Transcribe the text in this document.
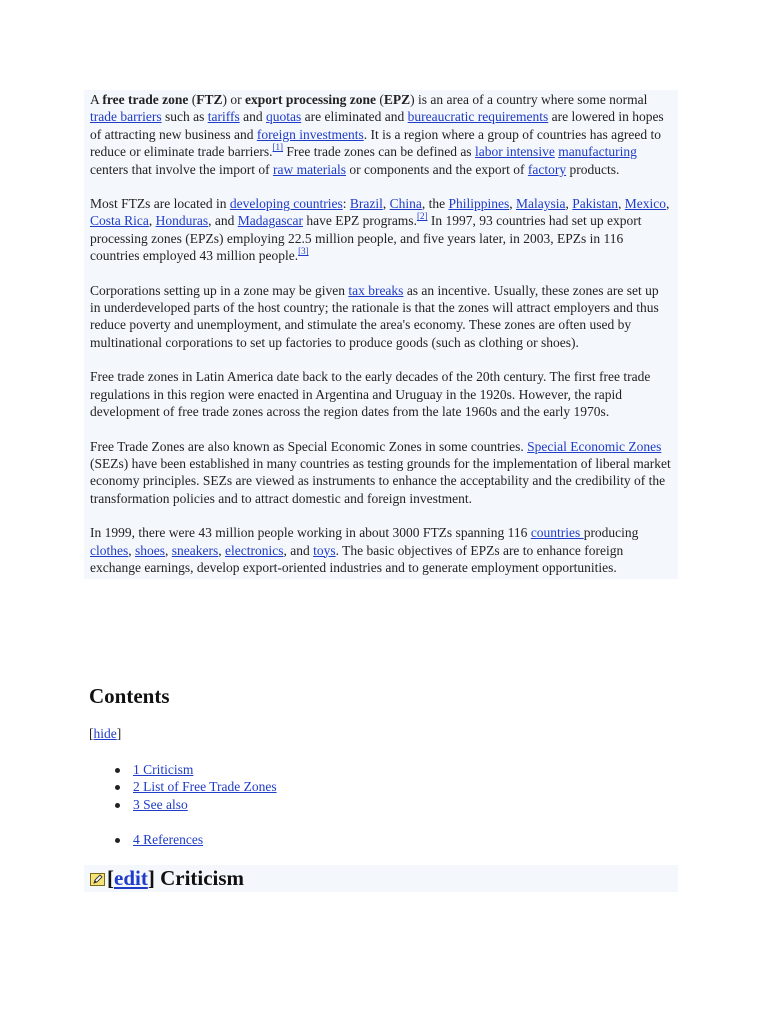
A free trade zone (FTZ) or export processing zone (EPZ) is an area of a country where some normal trade barriers such as tariffs and quotas are eliminated and bureaucratic requirements are lowered in hopes of attracting new business and foreign investments. It is a region where a group of countries has agreed to reduce or eliminate trade barriers.[1] Free trade zones can be defined as labor intensive manufacturing centers that involve the import of raw materials or components and the export of factory products.

Most FTZs are located in developing countries: Brazil, China, the Philippines, Malaysia, Pakistan, Mexico, Costa Rica, Honduras, and Madagascar have EPZ programs.[2] In 1997, 93 countries had set up export processing zones (EPZs) employing 22.5 million people, and five years later, in 2003, EPZs in 116 countries employed 43 million people.[3]

Corporations setting up in a zone may be given tax breaks as an incentive. Usually, these zones are set up in underdeveloped parts of the host country; the rationale is that the zones will attract employers and thus reduce poverty and unemployment, and stimulate the area's economy. These zones are often used by multinational corporations to set up factories to produce goods (such as clothing or shoes).

Free trade zones in Latin America date back to the early decades of the 20th century. The first free trade regulations in this region were enacted in Argentina and Uruguay in the 1920s. However, the rapid development of free trade zones across the region dates from the late 1960s and the early 1970s.

Free Trade Zones are also known as Special Economic Zones in some countries. Special Economic Zones (SEZs) have been established in many countries as testing grounds for the implementation of liberal market economy principles. SEZs are viewed as instruments to enhance the acceptability and the credibility of the transformation policies and to attract domestic and foreign investment.

In 1999, there were 43 million people working in about 3000 FTZs spanning 116 countries producing clothes, shoes, sneakers, electronics, and toys. The basic objectives of EPZs are to enhance foreign exchange earnings, develop export-oriented industries and to generate employment opportunities.

Contents
[hide]
1 Criticism
2 List of Free Trade Zones
3 See also
4 References
[edit] Criticism
